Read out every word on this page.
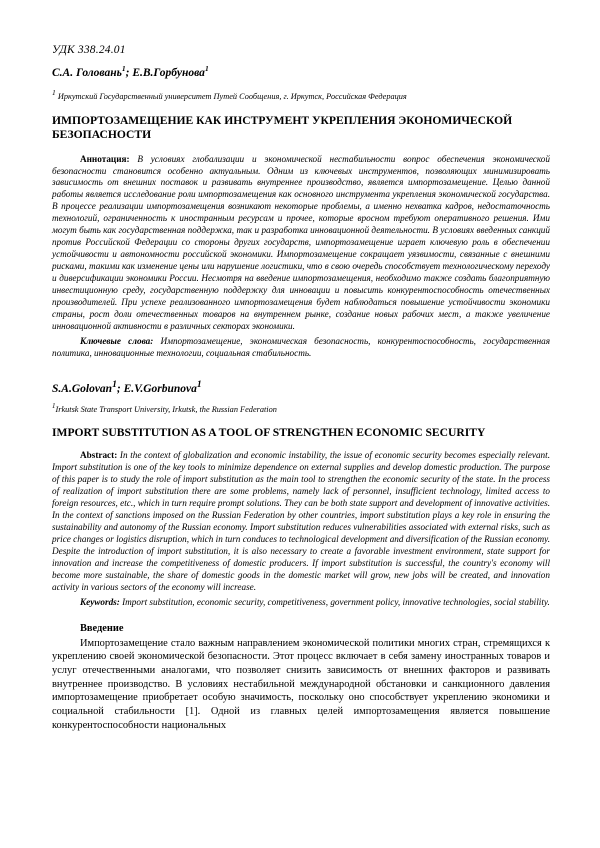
УДК 338.24.01
С.А. Головань$^1$; Е.В.Горбунова$^1$
$^1$ Иркутский Государственный университет Путей Сообщения, г. Иркутск, Российская Федерация
ИМПОРТОЗАМЕЩЕНИЕ КАК ИНСТРУМЕНТ УКРЕПЛЕНИЯ ЭКОНОМИЧЕСКОЙ БЕЗОПАСНОСТИ

Аннотация: В условиях глобализации и экономической нестабильности вопрос обеспечения экономической безопасности становится особенно актуальным. Одним из ключевых инструментов, позволяющих минимизировать зависимость от внешних поставок и развивать внутреннее производство, является импортозамещение. Целью данной работы является исследование роли импортозамещения как основного инструмента укрепления экономической государства. В процессе реализации импортозамещения возникают некоторые проблемы, а именно нехватка кадров, недостаточность технологий, ограниченность к иностранным ресурсам и прочее, которые вросном требуют оперативного решения. Ими могут быть как государственная поддержка, так и разработка инновационной деятельности. В условиях введенных санкций против Российской Федерации со стороны других государств, импортозамещение играет ключевую роль в обеспечении устойчивости и автономности российской экономики. Импортозамещение сокращает уязвимости, связанные с внешними рисками, такими как изменение цены или нарушение логистики, что в свою очередь способствует технологическому переходу и диверсификации экономики России. Несмотря на введение импортозамещения, необходимо также создать благоприятную инвестиционную среду, государственную поддержку для инновации и повысить конкурентоспособность отечественных производителей. При успехе реализованного импортозамещения будет наблюдаться повышение устойчивости экономики страны, рост доли отечественных товаров на внутреннем рынке, создание новых рабочих мест, а также увеличение инновационной активности в различных секторах экономики.

Ключевые слова: Импортозамещение, экономическая безопасность, конкурентоспособность, государственная политика, инновационные технологии, социальная стабильность.

S.A.Golovan$^1$; E.V.Gorbunova$^1$
$^1$Irkutsk State Transport University, Irkutsk, the Russian Federation
IMPORT SUBSTITUTION AS A TOOL OF STRENGTHEN ECONOMIC SECURITY

Abstract: In the context of globalization and economic instability, the issue of economic security becomes especially relevant. Import substitution is one of the key tools to minimize dependence on external supplies and develop domestic production. The purpose of this paper is to study the role of import substitution as the main tool to strengthen the economic security of the state. In the process of realization of import substitution there are some problems, namely lack of personnel, insufficient technology, limited access to foreign resources, etc., which in turn require prompt solutions. They can be both state support and development of innovative activities. In the context of sanctions imposed on the Russian Federation by other countries, import substitution plays a key role in ensuring the sustainability and autonomy of the Russian economy. Import substitution reduces vulnerabilities associated with external risks, such as price changes or logistics disruption, which in turn conduces to technological development and diversification of the Russian economy. Despite the introduction of import substitution, it is also necessary to create a favorable investment environment, state support for innovation and increase the competitiveness of domestic producers. If import substitution is successful, the country's economy will become more sustainable, the share of domestic goods in the domestic market will grow, new jobs will be created, and innovation activity in various sectors of the economy will increase.

Keywords: Import substitution, economic security, competitiveness, government policy, innovative technologies, social stability.

Введение

Импортозамещение стало важным направлением экономической политики многих стран, стремящихся к укреплению своей экономической безопасности. Этот процесс включает в себя замену иностранных товаров и услуг отечественными аналогами, что позволяет снизить зависимость от внешних факторов и развивать внутреннее производство. В условиях нестабильной международной обстановки и санкционного давления импортозамещение приобретает особую значимость, поскольку оно способствует укреплению экономики и социальной стабильности [1]. Одной из главных целей импортозамещения является повышение конкурентоспособности национальных
